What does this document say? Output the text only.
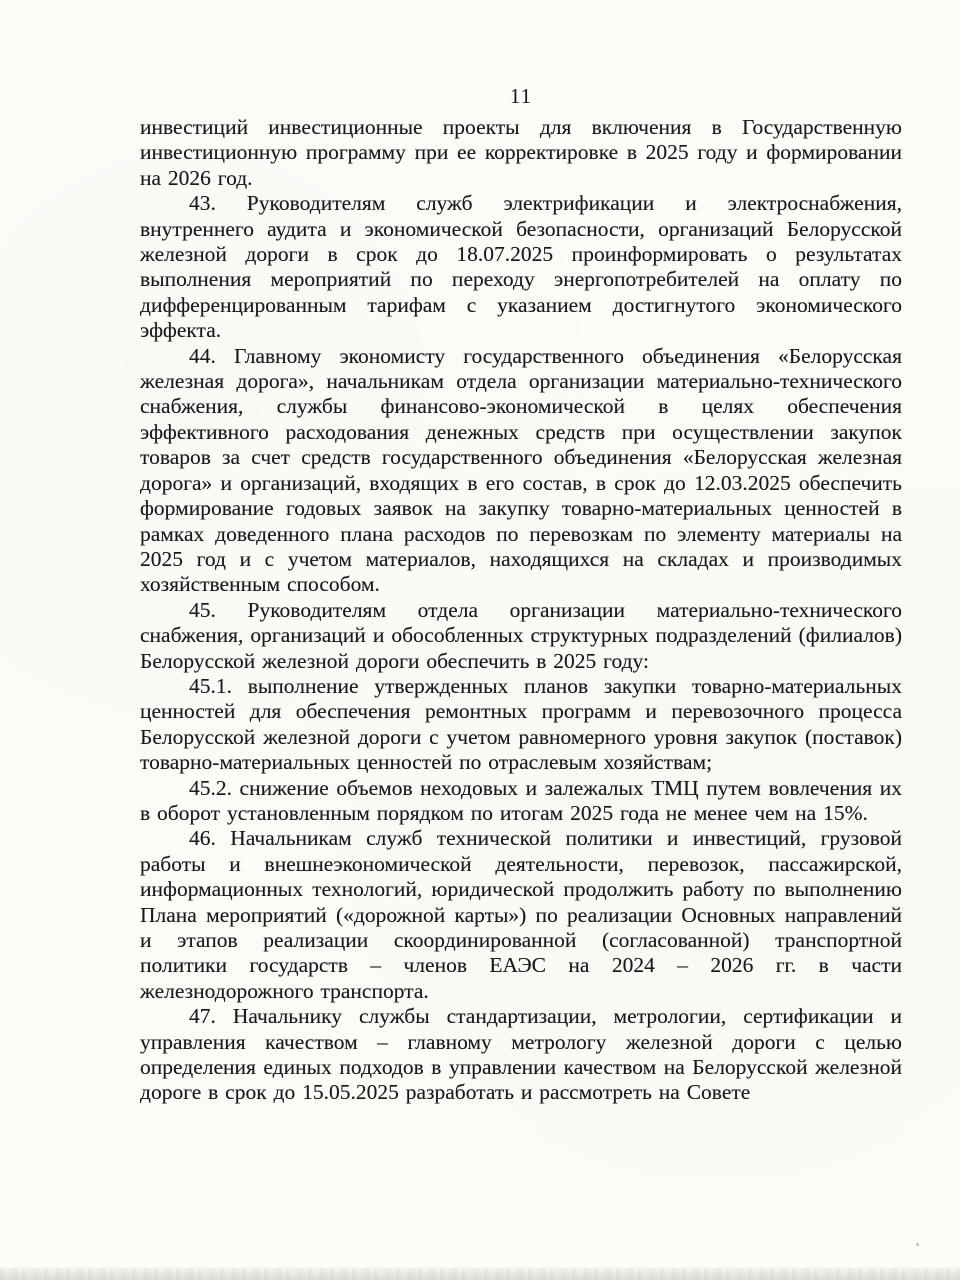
11

инвестиций инвестиционные проекты для включения в Государственную инвестиционную программу при ее корректировке в 2025 году и формировании на 2026 год.

43. Руководителям служб электрификации и электроснабжения, внутреннего аудита и экономической безопасности, организаций Белорусской железной дороги в срок до 18.07.2025 проинформировать о результатах выполнения мероприятий по переходу энергопотребителей на оплату по дифференцированным тарифам с указанием достигнутого экономического эффекта.

44. Главному экономисту государственного объединения «Белорусская железная дорога», начальникам отдела организации материально-технического снабжения, службы финансово-экономической в целях обеспечения эффективного расходования денежных средств при осуществлении закупок товаров за счет средств государственного объединения «Белорусская железная дорога» и организаций, входящих в его состав, в срок до 12.03.2025 обеспечить формирование годовых заявок на закупку товарно-материальных ценностей в рамках доведенного плана расходов по перевозкам по элементу материалы на 2025 год и с учетом материалов, находящихся на складах и производимых хозяйственным способом.

45. Руководителям отдела организации материально-технического снабжения, организаций и обособленных структурных подразделений (филиалов) Белорусской железной дороги обеспечить в 2025 году:

45.1. выполнение утвержденных планов закупки товарно-материальных ценностей для обеспечения ремонтных программ и перевозочного процесса Белорусской железной дороги с учетом равномерного уровня закупок (поставок) товарно-материальных ценностей по отраслевым хозяйствам;

45.2. снижение объемов неходовых и залежалых ТМЦ путем вовлечения их в оборот установленным порядком по итогам 2025 года не менее чем на 15%.

46. Начальникам служб технической политики и инвестиций, грузовой работы и внешнеэкономической деятельности, перевозок, пассажирской, информационных технологий, юридической продолжить работу по выполнению Плана мероприятий («дорожной карты») по реализации Основных направлений и этапов реализации скоординированной (согласованной) транспортной политики государств – членов ЕАЭС на 2024 – 2026 гг. в части железнодорожного транспорта.

47. Начальнику службы стандартизации, метрологии, сертификации и управления качеством – главному метрологу железной дороги с целью определения единых подходов в управлении качеством на Белорусской железной дороге в срок до 15.05.2025 разработать и рассмотреть на Совете
